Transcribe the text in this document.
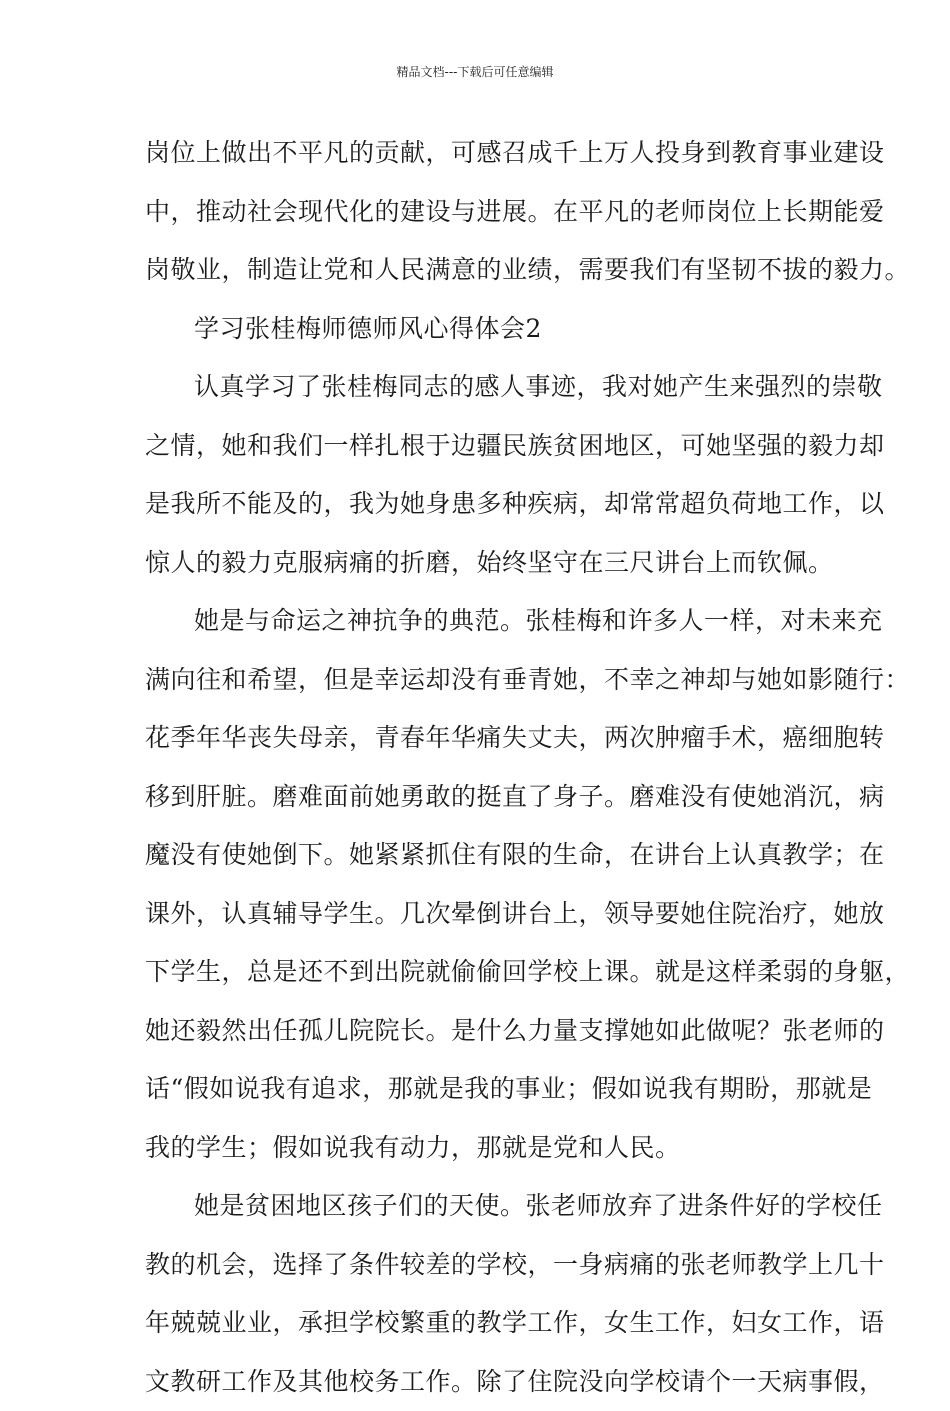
精品文档---下载后可任意编辑
岗位上做出不平凡的贡献，可感召成千上万人投身到教育事业建设
中，推动社会现代化的建设与进展。在平凡的老师岗位上长期能爱
岗敬业，制造让党和人民满意的业绩，需要我们有坚韧不拔的毅力。
学习张桂梅师德师风心得体会2
认真学习了张桂梅同志的感人事迹，我对她产生来强烈的崇敬
之情，她和我们一样扎根于边疆民族贫困地区，可她坚强的毅力却
是我所不能及的，我为她身患多种疾病，却常常超负荷地工作，以
惊人的毅力克服病痛的折磨，始终坚守在三尺讲台上而钦佩。
她是与命运之神抗争的典范。张桂梅和许多人一样，对未来充
满向往和希望，但是幸运却没有垂青她，不幸之神却与她如影随行：
花季年华丧失母亲，青春年华痛失丈夫，两次肿瘤手术，癌细胞转
移到肝脏。磨难面前她勇敢的挺直了身子。磨难没有使她消沉，病
魔没有使她倒下。她紧紧抓住有限的生命，在讲台上认真教学；在
课外，认真辅导学生。几次晕倒讲台上，领导要她住院治疗，她放
下学生，总是还不到出院就偷偷回学校上课。就是这样柔弱的身躯，
她还毅然出任孤儿院院长。是什么力量支撑她如此做呢？张老师的
话“假如说我有追求，那就是我的事业；假如说我有期盼，那就是
我的学生；假如说我有动力，那就是党和人民。
她是贫困地区孩子们的天使。张老师放弃了进条件好的学校任
教的机会，选择了条件较差的学校，一身病痛的张老师教学上几十
年兢兢业业，承担学校繁重的教学工作，女生工作，妇女工作，语
文教研工作及其他校务工作。除了住院没向学校请个一天病事假，
